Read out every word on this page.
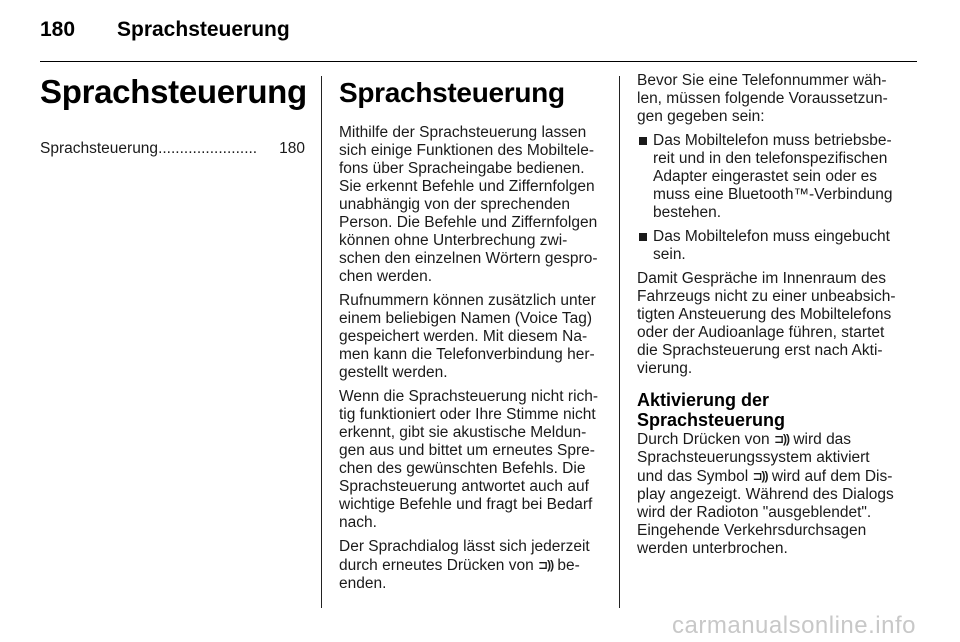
180 Sprachsteuerung
Sprachsteuerung
Sprachsteuerung .......................	180
Sprachsteuerung
Mithilfe der Sprachsteuerung lassen
sich einige Funktionen des Mobiltele-
fons über Spracheingabe bedienen.
Sie erkennt Befehle und Ziffernfolgen
unabhängig von der sprechenden
Person. Die Befehle und Ziffernfolgen
können ohne Unterbrechung zwi-
schen den einzelnen Wörtern gespro-
chen werden.
Rufnummern können zusätzlich unter
einem beliebigen Namen (Voice Tag)
gespeichert werden. Mit diesem Na-
men kann die Telefonverbindung her-
gestellt werden.
Wenn die Sprachsteuerung nicht rich-
tig funktioniert oder Ihre Stimme nicht
erkennt, gibt sie akustische Meldun-
gen aus und bittet um erneutes Spre-
chen des gewünschten Befehls. Die
Sprachsteuerung antwortet auch auf
wichtige Befehle und fragt bei Bedarf
nach.
Der Sprachdialog lässt sich jederzeit
durch erneutes Drücken von ⊐)) be-
enden.
Bevor Sie eine Telefonnummer wäh-
len, müssen folgende Voraussetzun-
gen gegeben sein:
Das Mobiltelefon muss betriebsbe-
reit und in den telefonspezifischen
Adapter eingerastet sein oder es
muss eine Bluetooth™-Verbindung
bestehen.
Das Mobiltelefon muss eingebucht
sein.
Damit Gespräche im Innenraum des
Fahrzeugs nicht zu einer unbeabsich-
tigten Ansteuerung des Mobiltelefons
oder der Audioanlage führen, startet
die Sprachsteuerung erst nach Akti-
vierung.
Aktivierung der
Sprachsteuerung
Durch Drücken von ⊐)) wird das
Sprachsteuerungssystem aktiviert
und das Symbol ⊐)) wird auf dem Dis-
play angezeigt. Während des Dialogs
wird der Radioton "ausgeblendet".
Eingehende Verkehrsdurchsagen
werden unterbrochen.
carmanualsonline.info
